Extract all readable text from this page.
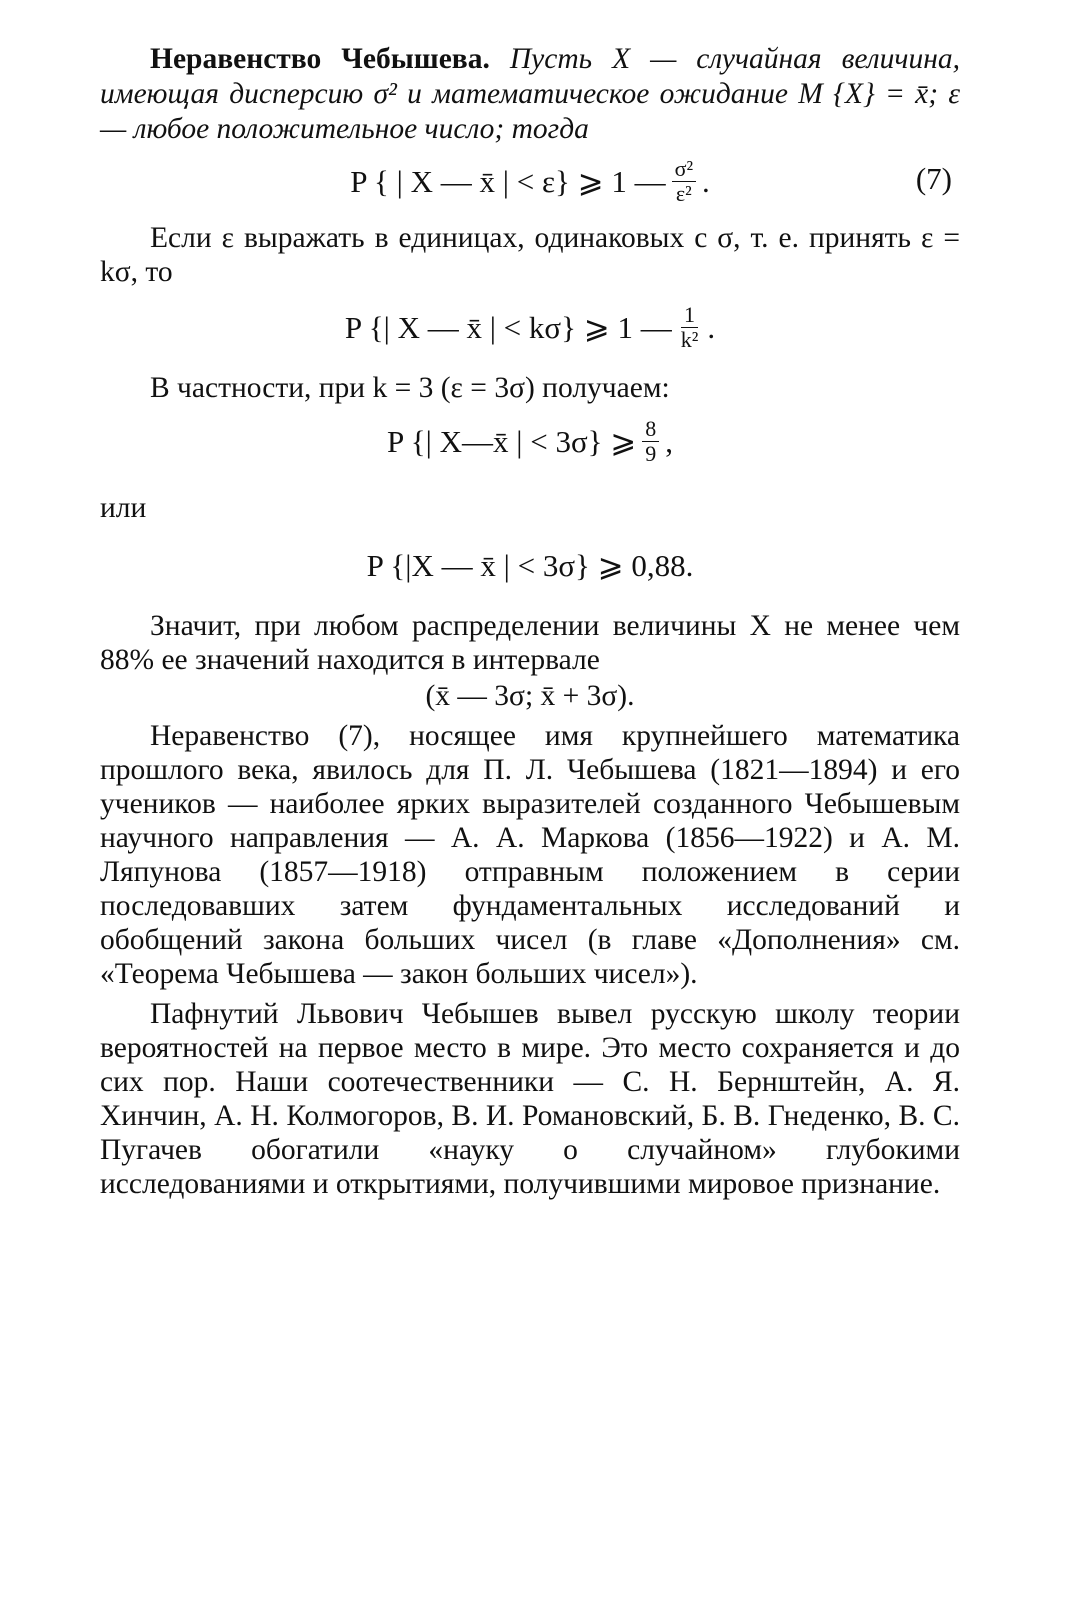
Неравенство Чебышева. Пусть X — случайная величина, имеющая дисперсию σ² и математическое ожидание M {X} = x̄; ε — любое положительное число; тогда

P { | X — x̄ | < ε} ⩾ 1 — $\frac{\text{σ²}}{\text{ε²}}$ .	(7)

Если ε выражать в единицах, одинаковых с σ, т. е. принять ε = kσ, то

P {| X — x̄ | < kσ} ⩾ 1 — $\frac{1}{\text{k²}}$ .

В частности, при k = 3 (ε = 3σ) получаем:

P {| X—x̄ | < 3σ} ⩾ $\frac{8}{9}$ ,

или

P {|X — x̄ | < 3σ} ⩾ 0,88.

Значит, при любом распределении величины X не менее чем 88% ее значений находится в интервале

(x̄ — 3σ; x̄ + 3σ).

Неравенство (7), носящее имя крупнейшего математика прошлого века, явилось для П. Л. Чебышева (1821—1894) и его учеников — наиболее ярких выразителей созданного Чебышевым научного направления — А. А. Маркова (1856—1922) и А. М. Ляпунова (1857—1918) отправным положением в серии последовавших затем фундаментальных исследований и обобщений закона больших чисел (в главе «Дополнения» см. «Теорема Чебышева — закон больших чисел»).

Пафнутий Львович Чебышев вывел русскую школу теории вероятностей на первое место в мире. Это место сохраняется и до сих пор. Наши соотечественники — С. Н. Бернштейн, А. Я. Хинчин, А. Н. Колмогоров, В. И. Романовский, Б. В. Гнеденко, В. С. Пугачев обогатили «науку о случайном» глубокими исследованиями и открытиями, получившими мировое признание.
